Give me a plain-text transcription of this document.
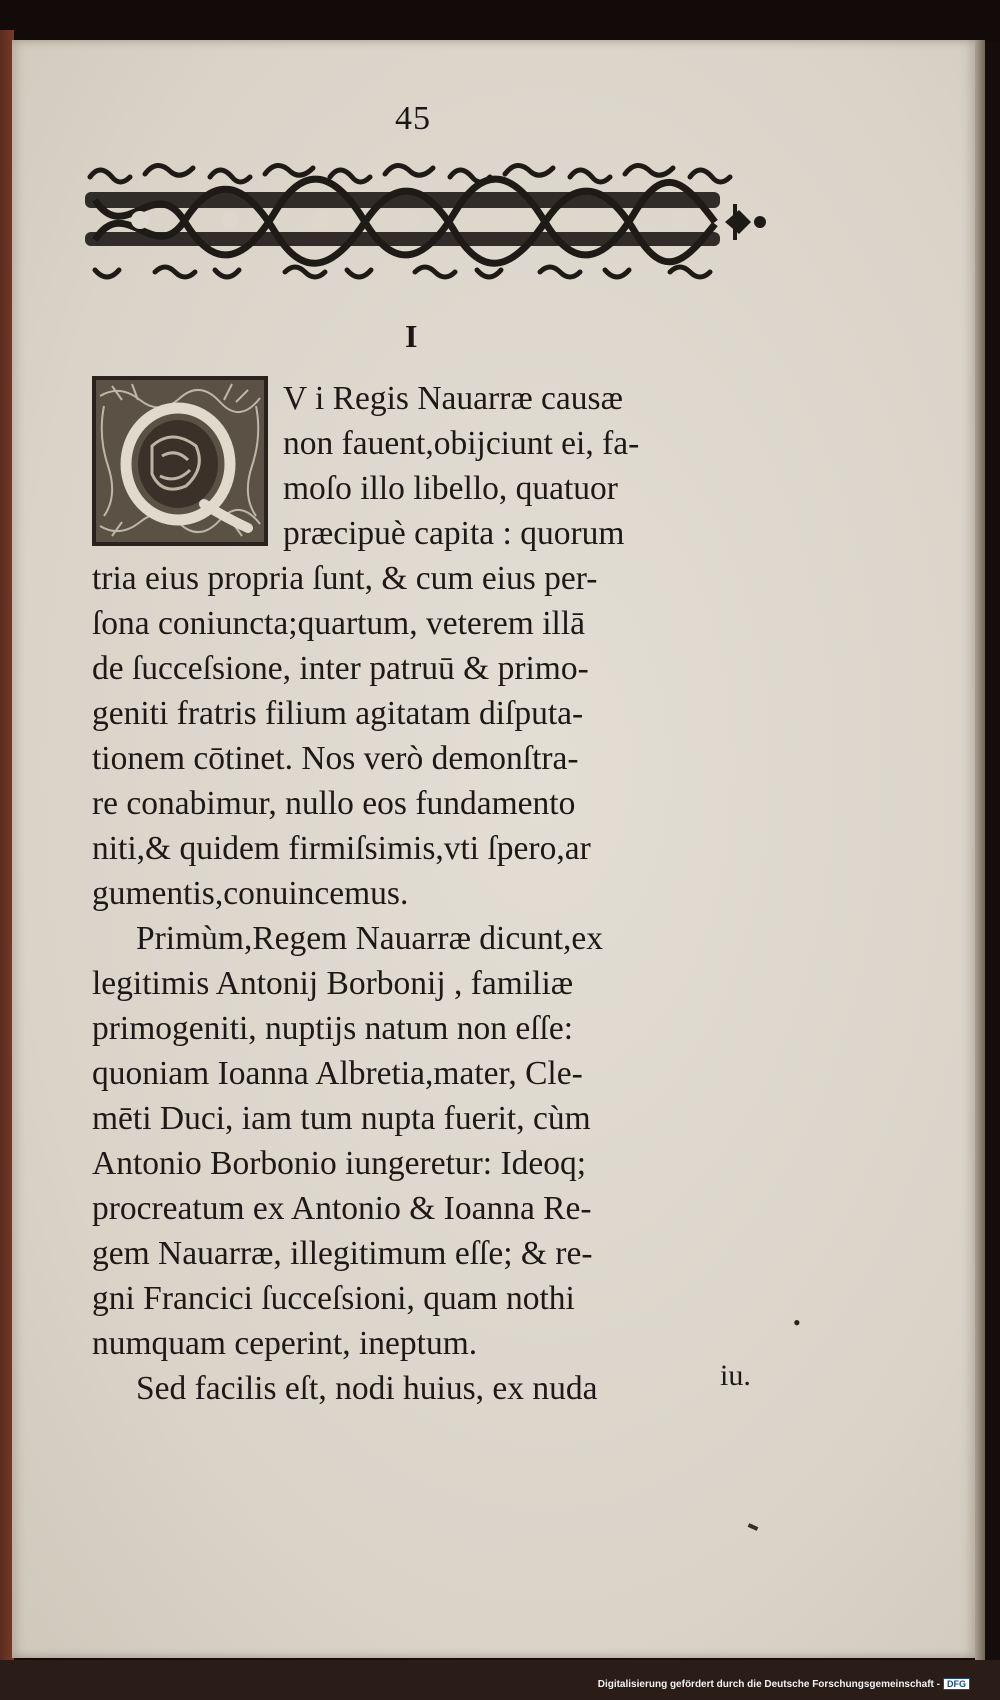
45
I
V i Regis Nauarræ causæ
non fauent,obijciunt ei, fa-
moſo illo libello, quatuor
præcipuè capita : quorum
tria eius propria ſunt, & cum eius per-
ſona coniuncta;quartum, veterem illā
de ſucceſsione, inter patruū & primo-
geniti fratris filium agitatam diſputa-
tionem cōtinet. Nos verò demonſtra-
re conabimur, nullo eos fundamento
niti,& quidem firmiſsimis,vti ſpero,ar
gumentis,conuincemus.
Primùm,Regem Nauarræ dicunt,ex
legitimis Antonij Borbonij , familiæ
primogeniti, nuptijs natum non eſſe:
quoniam Ioanna Albretia,mater, Cle-
mēti Duci, iam tum nupta fuerit, cùm
Antonio Borbonio iungeretur: Ideoq;
procreatum ex Antonio & Ioanna Re-
gem Nauarræ, illegitimum eſſe; & re-
gni Francici ſucceſsioni, quam nothi
numquam ceperint, ineptum.
Sed facilis eſt, nodi huius, ex nuda	iu.
•
Digitalisierung gefördert durch die Deutsche Forschungsgemeinschaft - DFG
